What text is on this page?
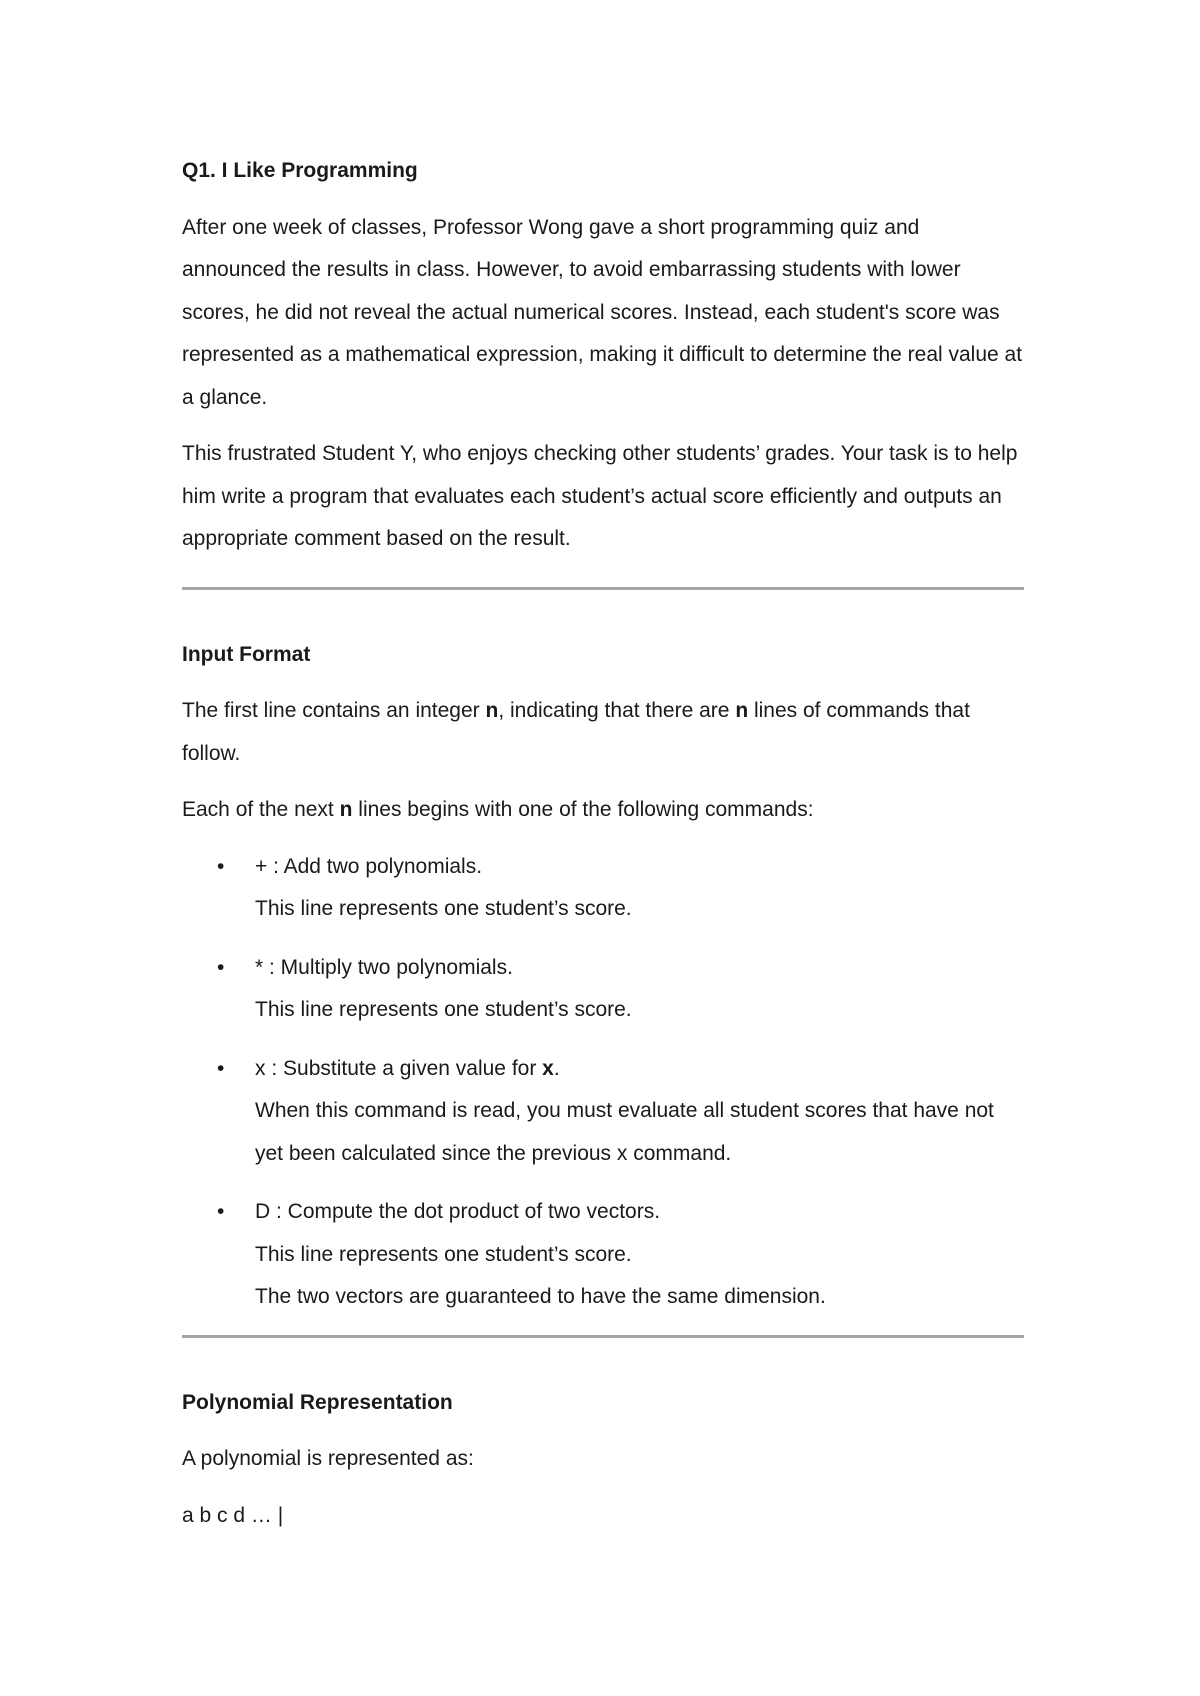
Q1. I Like Programming

After one week of classes, Professor Wong gave a short programming quiz and announced the results in class. However, to avoid embarrassing students with lower scores, he did not reveal the actual numerical scores. Instead, each student's score was represented as a mathematical expression, making it difficult to determine the real value at a glance.

This frustrated Student Y, who enjoys checking other students’ grades. Your task is to help him write a program that evaluates each student’s actual score efficiently and outputs an appropriate comment based on the result.

Input Format

The first line contains an integer n, indicating that there are n lines of commands that follow.

Each of the next n lines begins with one of the following commands:

• + : Add two polynomials.
This line represents one student’s score.
• * : Multiply two polynomials.
This line represents one student’s score.
• x : Substitute a given value for x.
When this command is read, you must evaluate all student scores that have not yet been calculated since the previous x command.
• D : Compute the dot product of two vectors.
This line represents one student’s score.
The two vectors are guaranteed to have the same dimension.
Polynomial Representation

A polynomial is represented as:

a b c d … |
